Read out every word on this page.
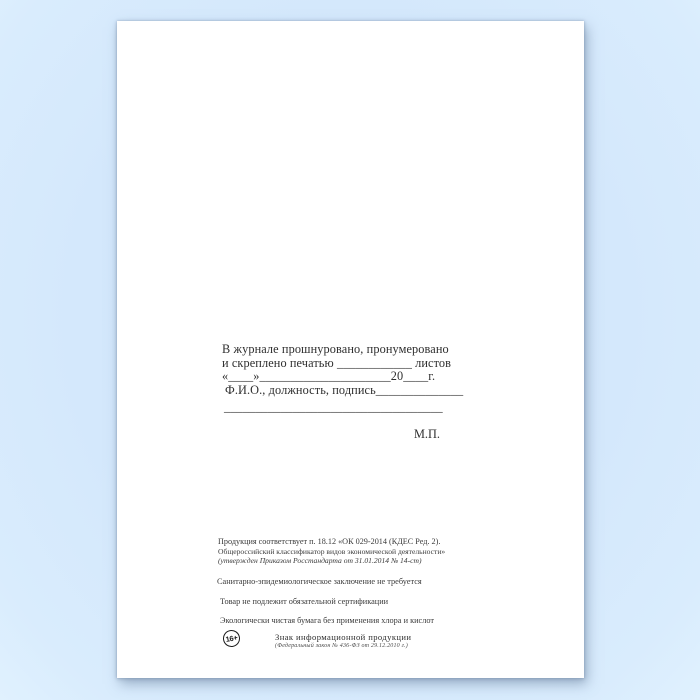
В журнале прошнуровано, пронумеровано
и скреплено печатью ____________ листов
«____»_____________________20____г.
Ф.И.О., должность, подпись______________
___________________________________
М.П.
Продукция соответствует п. 18.12 «ОК 029-2014 (КДЕС Ред. 2).
Общероссийский классификатор видов экономической деятельности»
(утвержден Приказом Росстандарта от 31.01.2014 № 14-ст)
Санитарно-эпидемиологическое заключение не требуется
Товар не подлежит обязательной сертификации
Экологически чистая бумага без применения хлора и кислот
16+	Знак информационной продукции
(Федеральный закон № 436-ФЗ от 29.12.2010 г.)
